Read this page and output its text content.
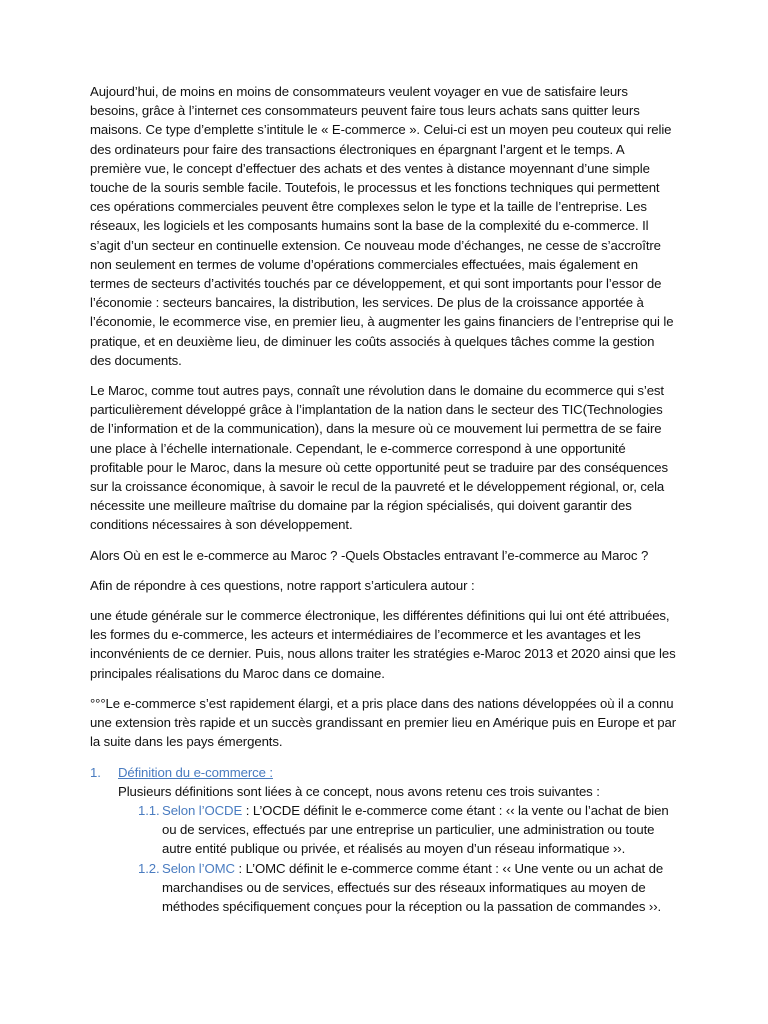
Aujourd’hui, de moins en moins de consommateurs veulent voyager en vue de satisfaire leurs besoins, grâce à l’internet ces consommateurs peuvent faire tous leurs achats sans quitter leurs maisons. Ce type d’emplette s’intitule le « E-commerce ». Celui-ci est un moyen peu couteux qui relie des ordinateurs pour faire des transactions électroniques en épargnant l’argent et le temps. A première vue, le concept d’effectuer des achats et des ventes à distance moyennant d’une simple touche de la souris semble facile. Toutefois, le processus et les fonctions techniques qui permettent ces opérations commerciales peuvent être complexes selon le type et la taille de l’entreprise. Les réseaux, les logiciels et les composants humains sont la base de la complexité du e-commerce. Il s’agit d’un secteur en continuelle extension. Ce nouveau mode d’échanges, ne cesse de s’accroître non seulement en termes de volume d’opérations commerciales effectuées, mais également en termes de secteurs d’activités touchés par ce développement, et qui sont importants pour l’essor de l’économie : secteurs bancaires, la distribution, les services. De plus de la croissance apportée à l’économie, le ecommerce vise, en premier lieu, à augmenter les gains financiers de l’entreprise qui le pratique, et en deuxième lieu, de diminuer les coûts associés à quelques tâches comme la gestion des documents.

Le Maroc, comme tout autres pays, connaît une révolution dans le domaine du ecommerce qui s’est particulièrement développé grâce à l’implantation de la nation dans le secteur des TIC(Technologies de l’information et de la communication), dans la mesure où ce mouvement lui permettra de se faire une place à l’échelle internationale. Cependant, le e-commerce correspond à une opportunité profitable pour le Maroc, dans la mesure où cette opportunité peut se traduire par des conséquences sur la croissance économique, à savoir le recul de la pauvreté et le développement régional, or, cela nécessite une meilleure maîtrise du domaine par la région spécialisés, qui doivent garantir des conditions nécessaires à son développement.

Alors Où en est le e-commerce au Maroc ? -Quels Obstacles entravant l’e-commerce au Maroc ?

Afin de répondre à ces questions, notre rapport s’articulera autour :

une étude générale sur le commerce électronique, les différentes définitions qui lui ont été attribuées, les formes du e-commerce, les acteurs et intermédiaires de l’ecommerce et les avantages et les inconvénients de ce dernier. Puis, nous allons traiter les stratégies e-Maroc 2013 et 2020 ainsi que les principales réalisations du Maroc dans ce domaine.

°°°Le e-commerce s’est rapidement élargi, et a pris place dans des nations développées où il a connu une extension très rapide et un succès grandissant en premier lieu en Amérique puis en Europe et par la suite dans les pays émergents.

1.	Définition du e-commerce :
Plusieurs définitions sont liées à ce concept, nous avons retenu ces trois suivantes :
1.1. Selon l’OCDE : L’OCDE définit le e-commerce come étant : ‹‹ la vente ou l’achat de bien ou de services, effectués par une entreprise un particulier, une administration ou toute autre entité publique ou privée, et réalisés au moyen d’un réseau informatique ››.
1.2. Selon l’OMC : L’OMC définit le e-commerce comme étant : ‹‹ Une vente ou un achat de marchandises ou de services, effectués sur des réseaux informatiques au moyen de méthodes spécifiquement conçues pour la réception ou la passation de commandes ››.
